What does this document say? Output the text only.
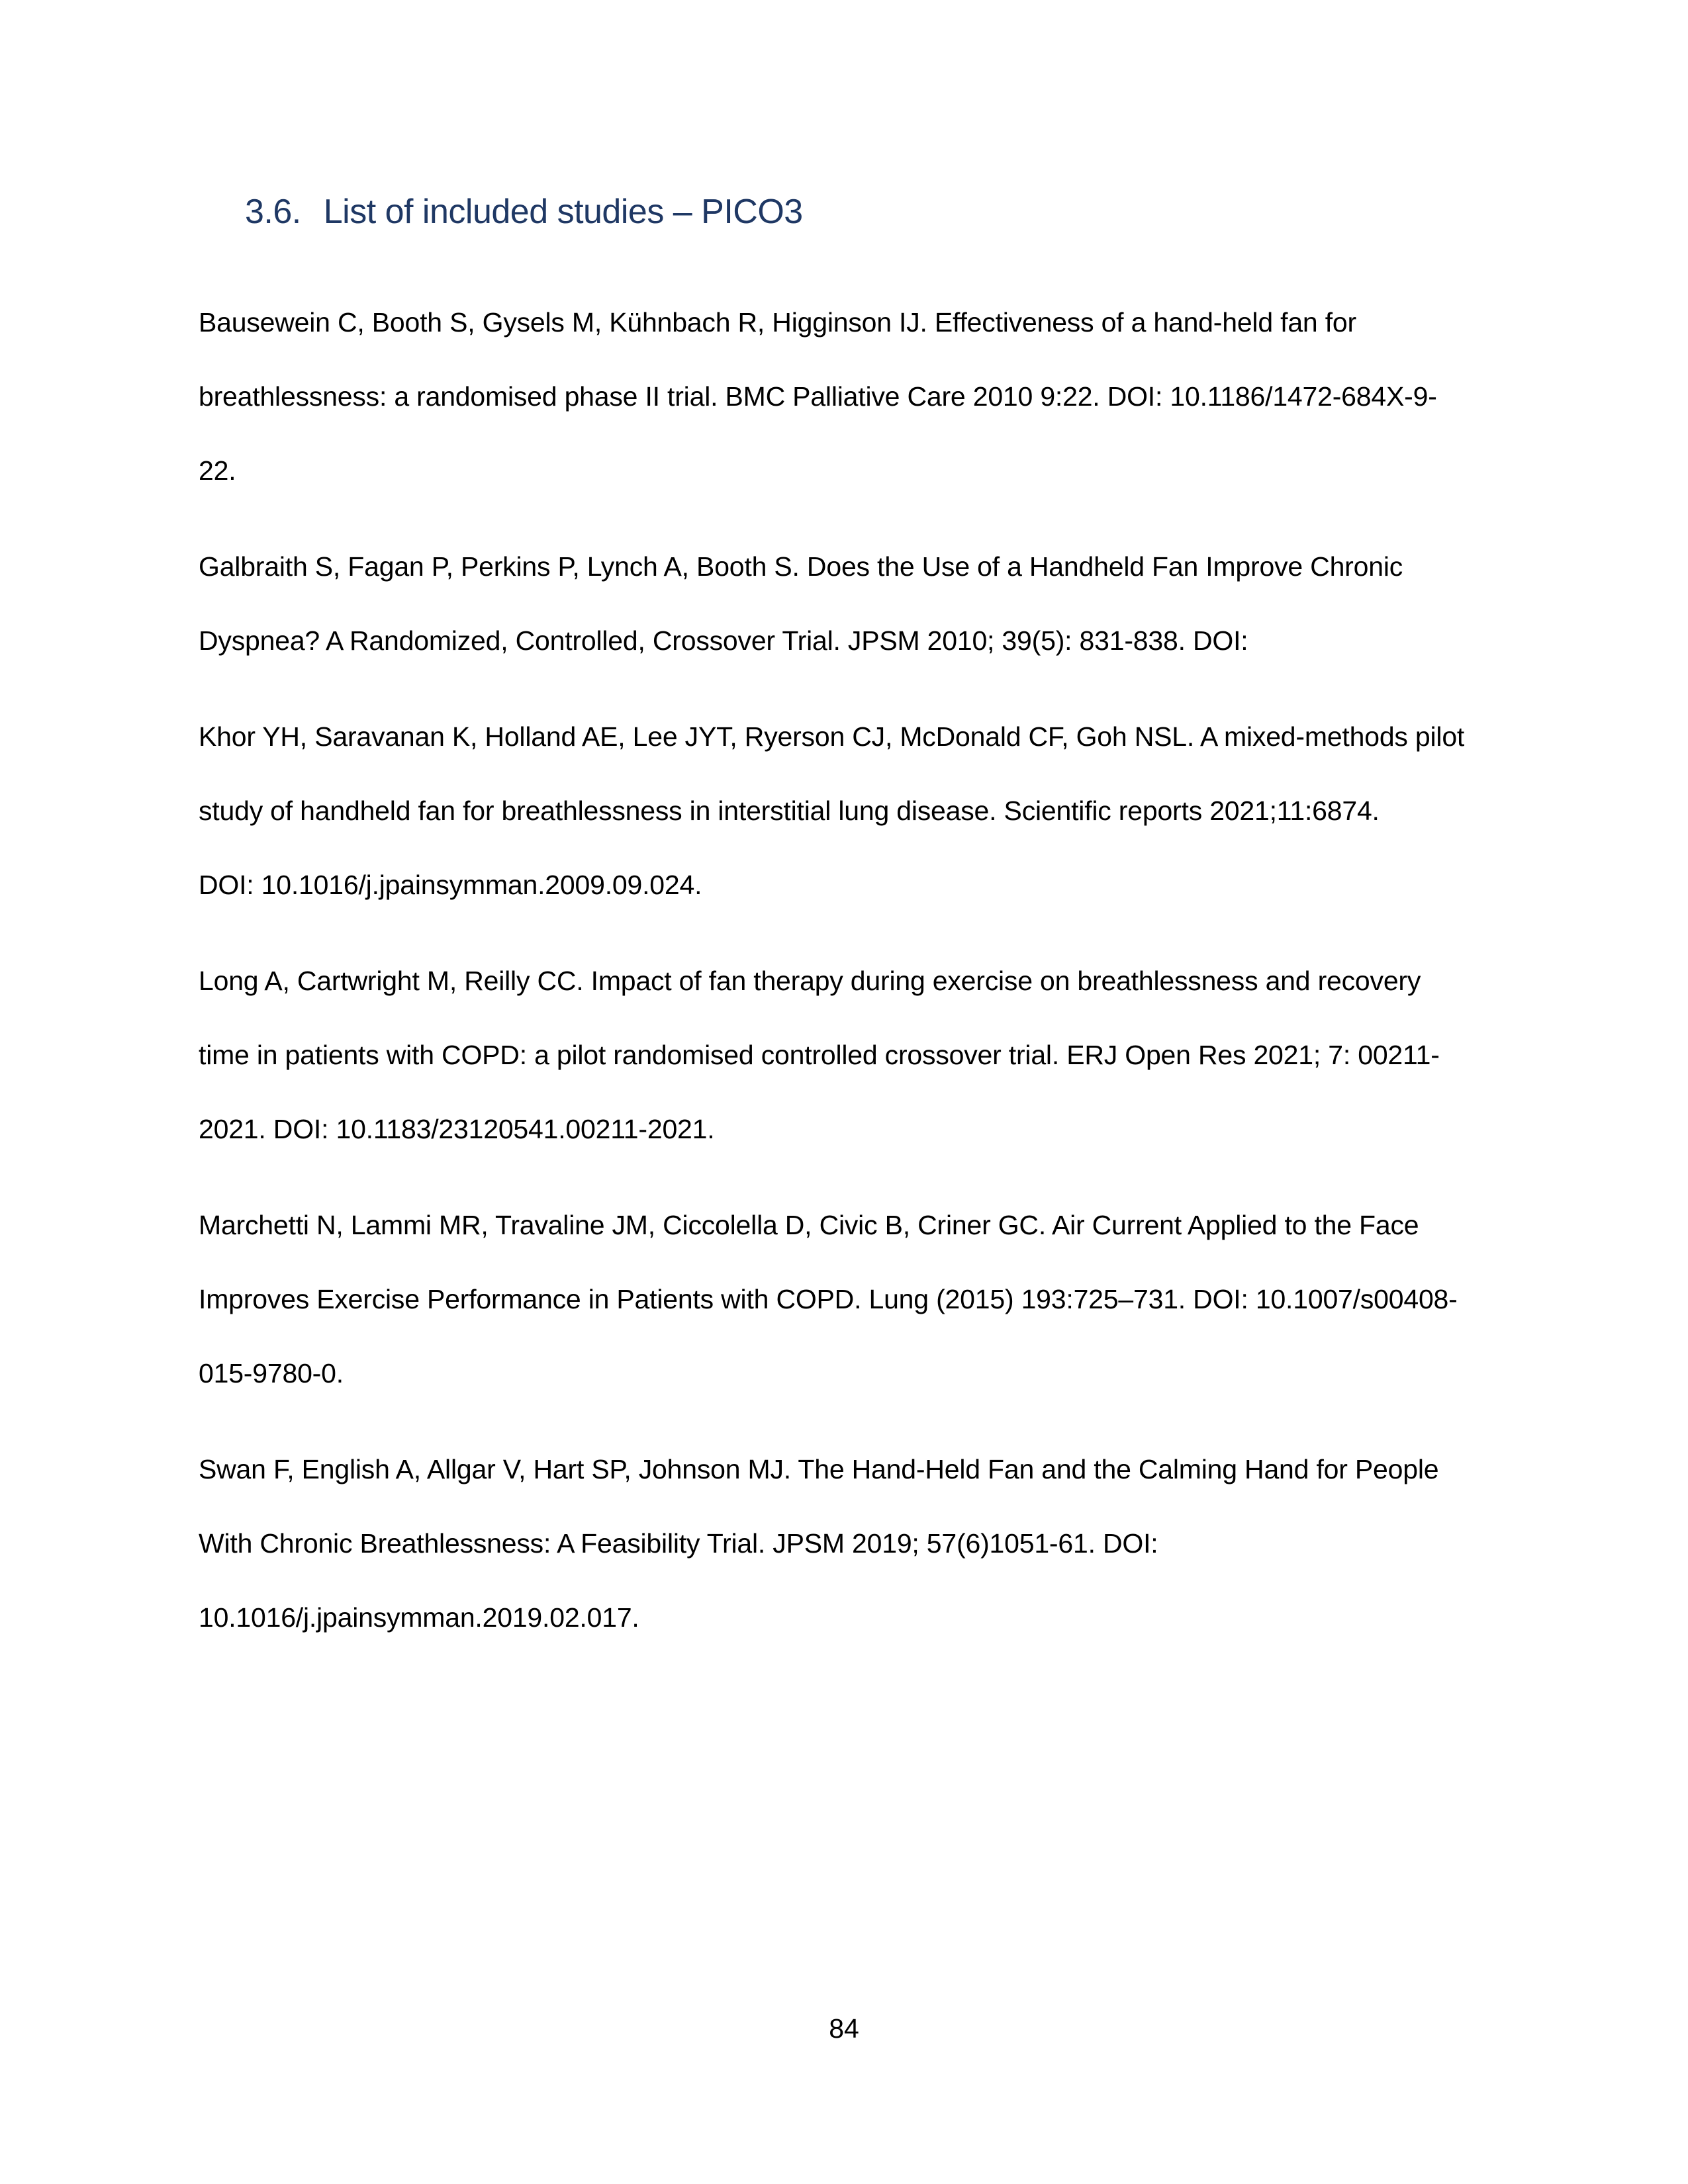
3.6. List of included studies – PICO3
Bausewein C, Booth S, Gysels M, Kühnbach R, Higginson IJ. Effectiveness of a hand-held fan for
breathlessness: a randomised phase II trial. BMC Palliative Care 2010 9:22. DOI: 10.1186/1472-684X-9-
22.
Galbraith S, Fagan P, Perkins P, Lynch A, Booth S. Does the Use of a Handheld Fan Improve Chronic
Dyspnea? A Randomized, Controlled, Crossover Trial. JPSM 2010; 39(5): 831-838. DOI:
Khor YH, Saravanan K, Holland AE, Lee JYT, Ryerson CJ, McDonald CF, Goh NSL. A mixed-methods pilot
study of handheld fan for breathlessness in interstitial lung disease. Scientific reports 2021;11:6874.
DOI: 10.1016/j.jpainsymman.2009.09.024.
Long A, Cartwright M, Reilly CC. Impact of fan therapy during exercise on breathlessness and recovery
time in patients with COPD: a pilot randomised controlled crossover trial. ERJ Open Res 2021; 7: 00211-
2021. DOI: 10.1183/23120541.00211-2021.
Marchetti N, Lammi MR, Travaline JM, Ciccolella D, Civic B, Criner GC. Air Current Applied to the Face
Improves Exercise Performance in Patients with COPD. Lung (2015) 193:725–731. DOI: 10.1007/s00408-
015-9780-0.
Swan F, English A, Allgar V, Hart SP, Johnson MJ. The Hand-Held Fan and the Calming Hand for People
With Chronic Breathlessness: A Feasibility Trial. JPSM 2019; 57(6)1051-61. DOI:
10.1016/j.jpainsymman.2019.02.017.
84
